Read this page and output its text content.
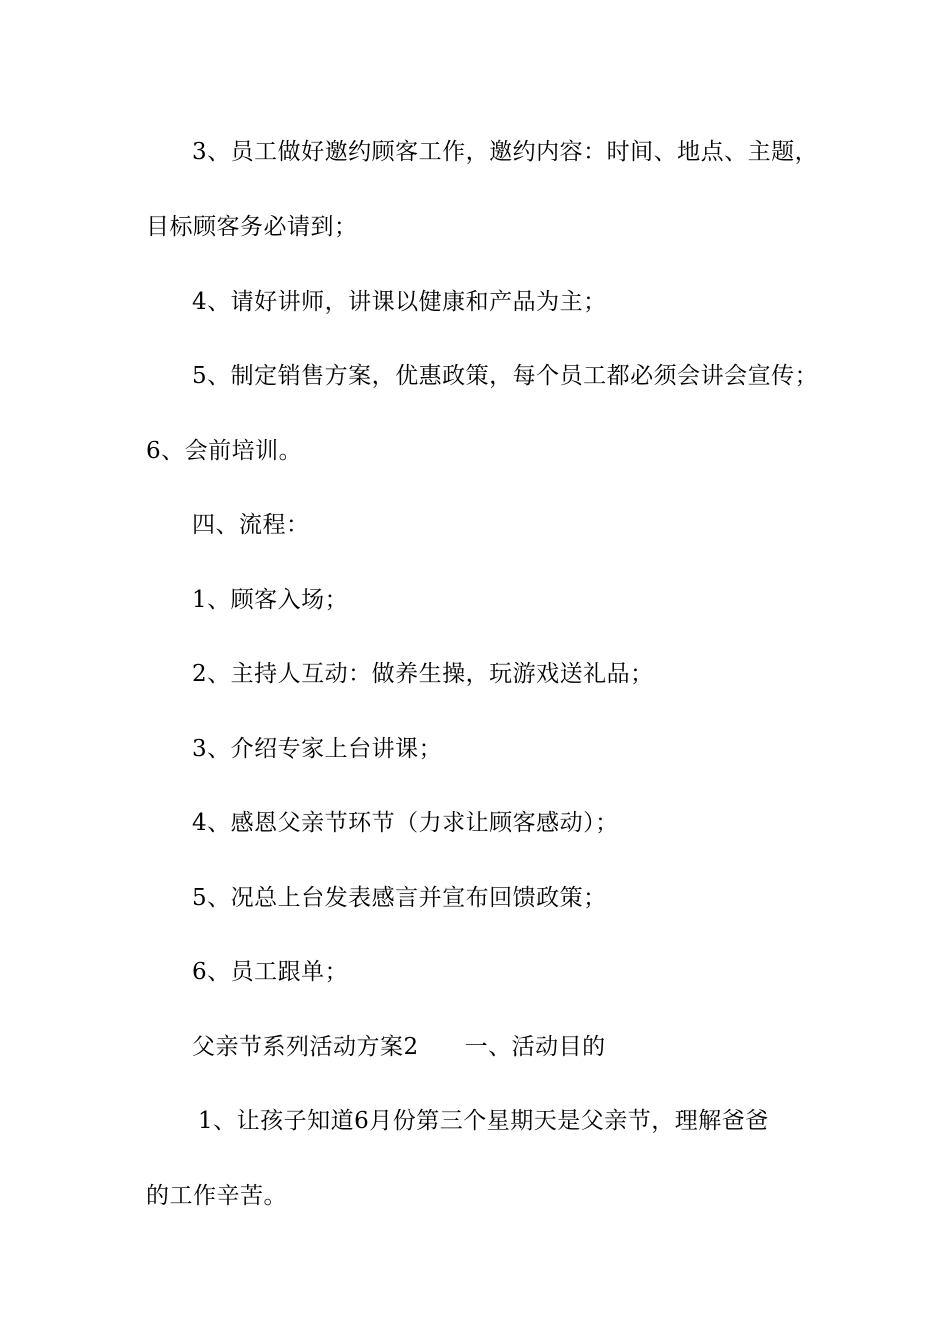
3、员工做好邀约顾客工作，邀约内容：时间、地点、主题，
目标顾客务必请到；
4、请好讲师，讲课以健康和产品为主；
5、制定销售方案，优惠政策，每个员工都必须会讲会宣传；
6、会前培训。
四、流程：
1、顾客入场；
2、主持人互动：做养生操，玩游戏送礼品；
3、介绍专家上台讲课；
4、感恩父亲节环节（力求让顾客感动）；
5、况总上台发表感言并宣布回馈政策；
6、员工跟单；
父亲节系列活动方案2 一、活动目的
1、让孩子知道6月份第三个星期天是父亲节，理解爸爸
的工作辛苦。
